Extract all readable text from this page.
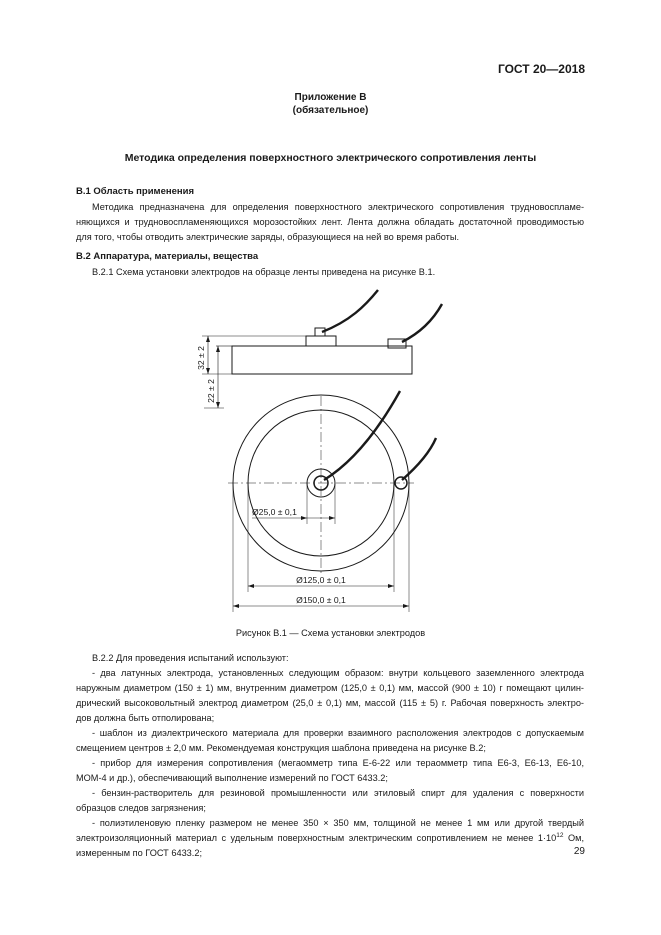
ГОСТ 20—2018
Приложение В
(обязательное)
Методика определения поверхностного электрического сопротивления ленты
В.1 Область применения
Методика предназначена для определения поверхностного электрического сопротивления трудновоспламе-
няющихся и трудновоспламеняющихся морозостойких лент. Лента должна обладать достаточной проводимостью
для того, чтобы отводить электрические заряды, образующиеся на ней во время работы.
В.2 Аппаратура, материалы, вещества
В.2.1 Схема установки электродов на образце ленты приведена на рисунке В.1.
32 ± 2
22 ± 2
Ø25,0 ± 0,1
Ø125,0 ± 0,1
Ø150,0 ± 0,1
Рисунок В.1 — Схема установки электродов
В.2.2 Для проведения испытаний используют:
- два латунных электрода, установленных следующим образом: внутри кольцевого заземленного электрода
наружным диаметром (150 ± 1) мм, внутренним диаметром (125,0 ± 0,1) мм, массой (900 ± 10) г помещают цилин-
дрический высоковольтный электрод диаметром (25,0 ± 0,1) мм, массой (115 ± 5) г. Рабочая поверхность электро-
дов должна быть отполирована;
- шаблон из диэлектрического материала для проверки взаимного расположения электродов с допускаемым
смещением центров ± 2,0 мм. Рекомендуемая конструкция шаблона приведена на рисунке В.2;
- прибор для измерения сопротивления (мегаомметр типа Е-6-22 или тераомметр типа Е6-3, Е6-13, Е6-10,
МОМ-4 и др.), обеспечивающий выполнение измерений по ГОСТ 6433.2;
- бензин-растворитель для резиновой промышленности или этиловый спирт для удаления с поверхности
образцов следов загрязнения;
- полиэтиленовую пленку размером не менее 350 × 350 мм, толщиной не менее 1 мм или другой твердый
электроизоляционный материал с удельным поверхностным электрическим сопротивлением не менее $1\cdot 10^{12}$ Ом,
измеренным по ГОСТ 6433.2;	29
